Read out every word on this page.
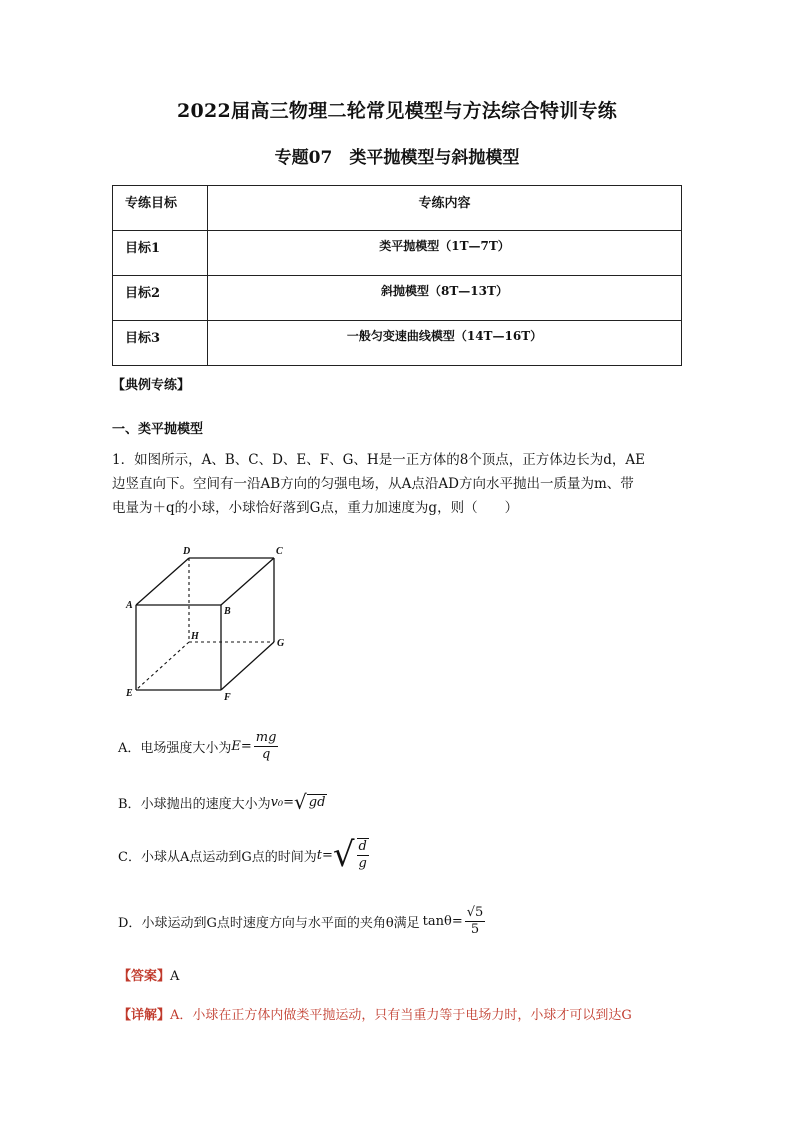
2022届高三物理二轮常见模型与方法综合特训专练
专题07　类平抛模型与斜抛模型
专练目标	专练内容
目标1	类平抛模型（1T—7T）
目标2	斜抛模型（8T—13T）
目标3	一般匀变速曲线模型（14T—16T）
【典例专练】
一、类平抛模型
1．如图所示，A、B、C、D、E、F、G、H是一正方体的8个顶点，正方体边长为d，AE
边竖直向下。空间有一沿AB方向的匀强电场，从A点沿AD方向水平抛出一质量为m、带
电量为＋q的小球，小球恰好落到G点，重力加速度为g，则（　　）
D	C
A
B
H
G
E	F
A． 电场强度大小为 $E= \frac{mg}{q}$
B． 小球抛出的速度大小为 v₀= √ gd
C． 小球从A点运动到G点的时间为 t= √ $\frac{d}{g}$
D． 小球运动到G点时速度方向与水平面的夹角θ满足 $\tan\theta= \frac{√5}{5}$
【答案】A
【详解】A．小球在正方体内做类平抛运动，只有当重力等于电场力时，小球才可以到达G
